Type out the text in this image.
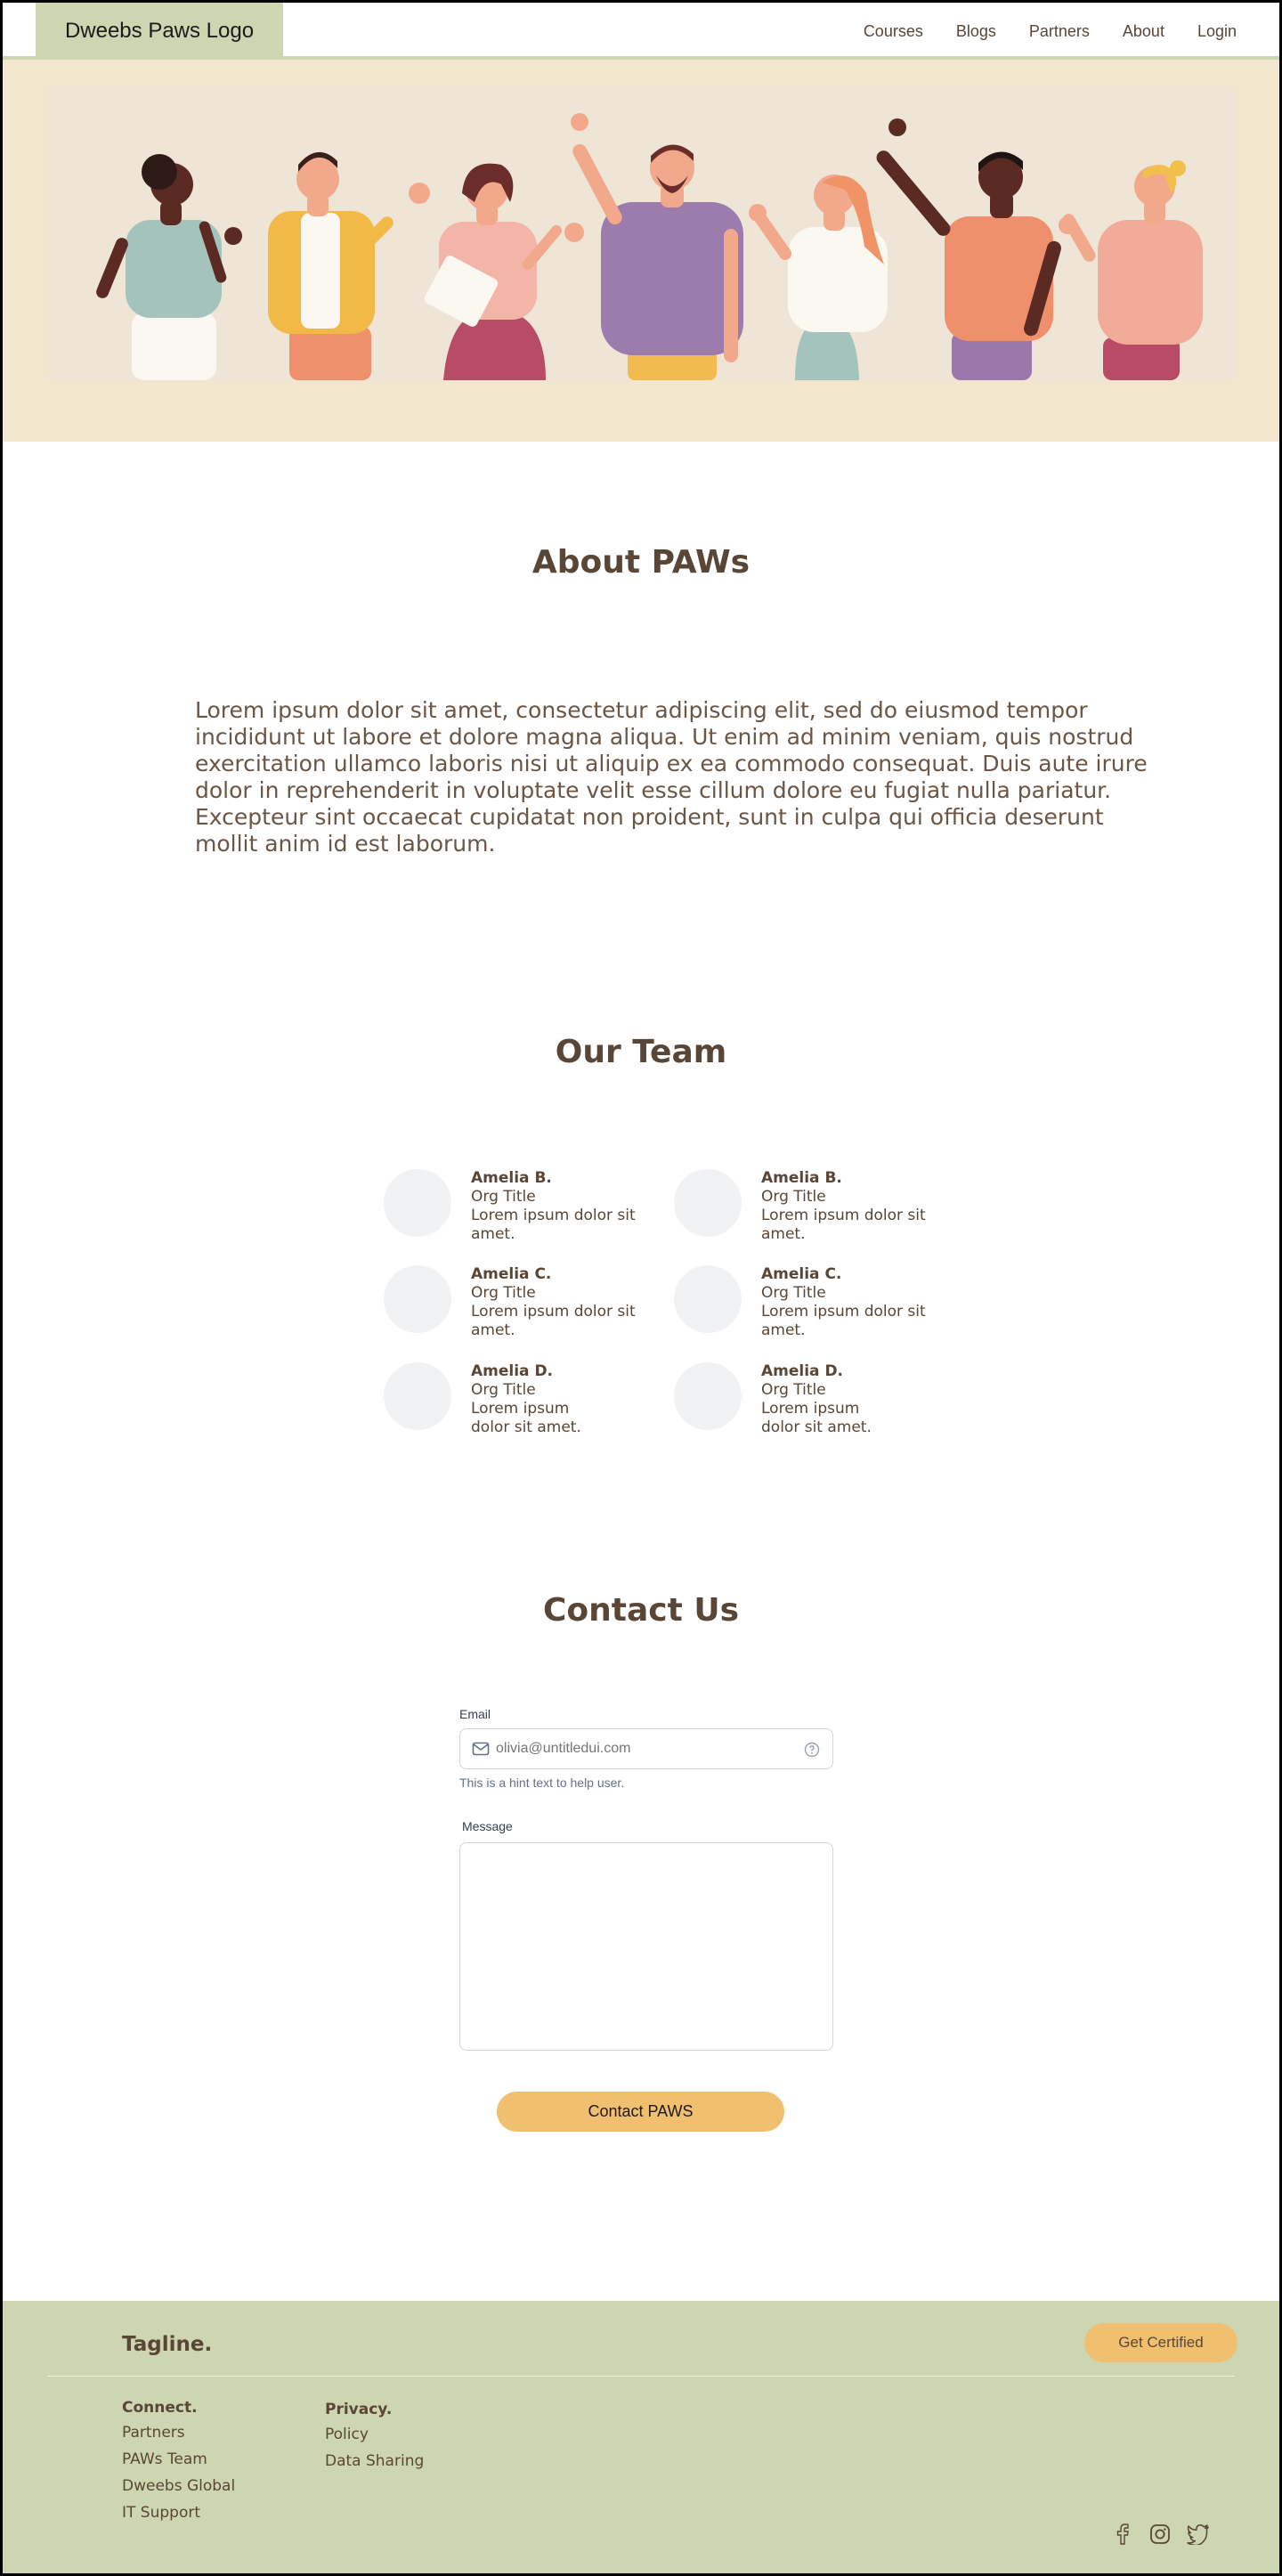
Dweebs Paws Logo	Courses Blogs Partners About Login
About PAWs

Lorem ipsum dolor sit amet, consectetur adipiscing elit, sed do eiusmod tempor incididunt ut labore et dolore magna aliqua. Ut enim ad minim veniam, quis nostrud exercitation ullamco laboris nisi ut aliquip ex ea commodo consequat. Duis aute irure dolor in reprehenderit in voluptate velit esse cillum dolore eu fugiat nulla pariatur. Excepteur sint occaecat cupidatat non proident, sunt in culpa qui officia deserunt mollit anim id est laborum.

Our Team
Amelia B.
Org Title
Lorem ipsum dolor sit amet.
Amelia B.
Org Title
Lorem ipsum dolor sit amet.
Amelia C.
Org Title
Lorem ipsum dolor sit amet.
Amelia C.
Org Title
Lorem ipsum dolor sit amet.
Amelia D.
Org Title
Lorem ipsum dolor sit amet.
Amelia D.
Org Title
Lorem ipsum dolor sit amet.
Contact Us
Email
olivia@untitledui.com
This is a hint text to help user.
Message
Contact PAWS
Tagline.	Get Certified
Connect.
Partners
PAWs Team
Dweebs Global
IT Support
Privacy.
Policy
Data Sharing
